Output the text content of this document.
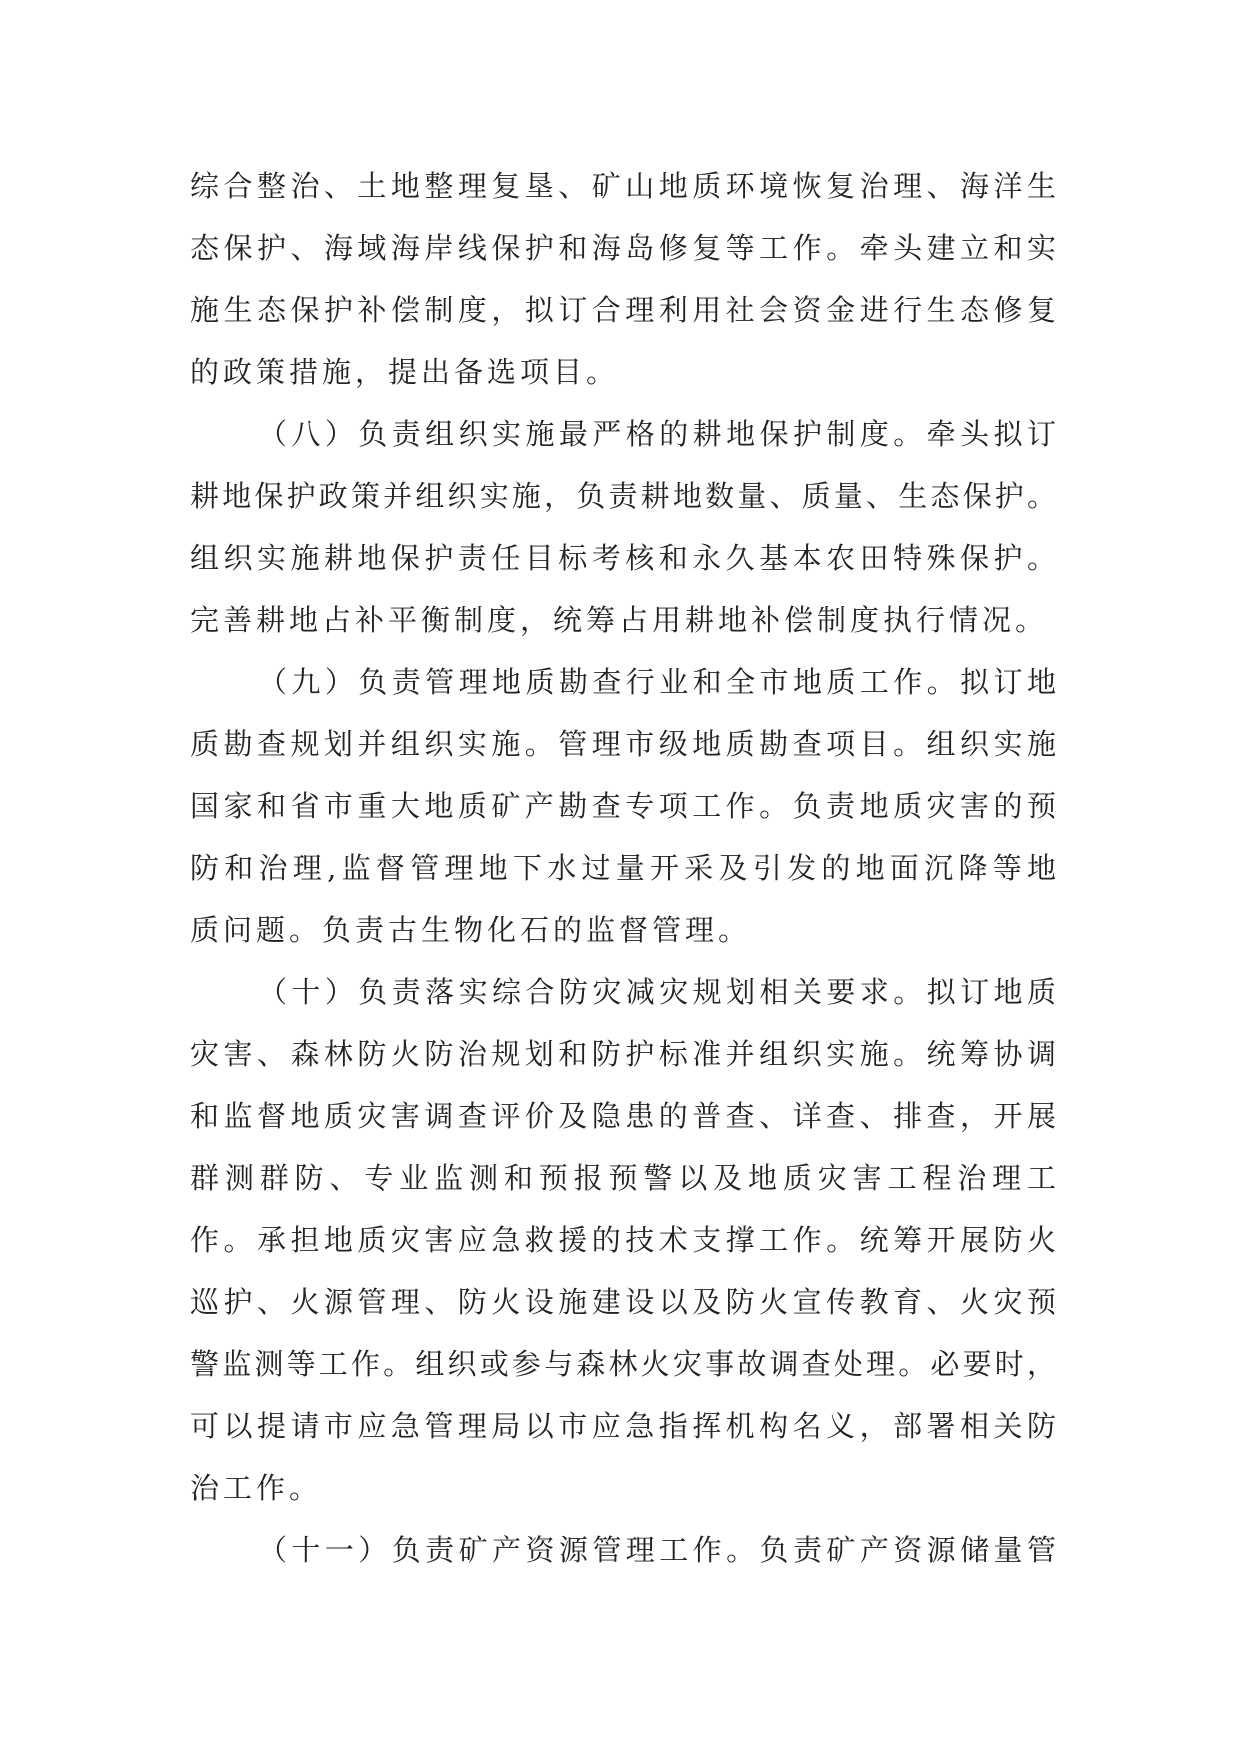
综合整治、土地整理复垦、矿山地质环境恢复治理、海洋生
态保护、海域海岸线保护和海岛修复等工作。牵头建立和实
施生态保护补偿制度，拟订合理利用社会资金进行生态修复
的政策措施，提出备选项目。
（八）负责组织实施最严格的耕地保护制度。牵头拟订
耕地保护政策并组织实施，负责耕地数量、质量、生态保护。
组织实施耕地保护责任目标考核和永久基本农田特殊保护。
完善耕地占补平衡制度，统筹占用耕地补偿制度执行情况。
（九）负责管理地质勘查行业和全市地质工作。拟订地
质勘查规划并组织实施。管理市级地质勘查项目。组织实施
国家和省市重大地质矿产勘查专项工作。负责地质灾害的预
防和治理,监督管理地下水过量开采及引发的地面沉降等地
质问题。负责古生物化石的监督管理。
（十）负责落实综合防灾减灾规划相关要求。拟订地质
灾害、森林防火防治规划和防护标准并组织实施。统筹协调
和监督地质灾害调查评价及隐患的普查、详查、排查，开展
群测群防、专业监测和预报预警以及地质灾害工程治理工
作。承担地质灾害应急救援的技术支撑工作。统筹开展防火
巡护、火源管理、防火设施建设以及防火宣传教育、火灾预
警监测等工作。组织或参与森林火灾事故调查处理。必要时，
可以提请市应急管理局以市应急指挥机构名义，部署相关防
治工作。
（十一）负责矿产资源管理工作。负责矿产资源储量管
